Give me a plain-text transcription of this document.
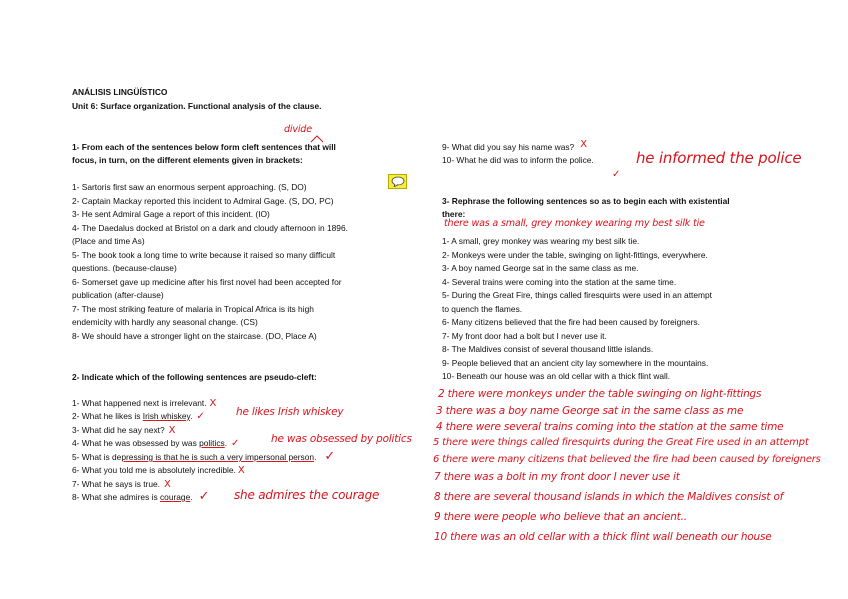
ANÁLISIS LINGÜÍSTICO
Unit 6: Surface organization. Functional analysis of the clause.
divide
1- From each of the sentences below form cleft sentences that will
focus, in turn, on the different elements given in brackets:
1- Sartoris first saw an enormous serpent approaching. (S, DO)
2- Captain Mackay reported this incident to Admiral Gage. (S, DO, PC)
3- He sent Admiral Gage a report of this incident. (IO)
4- The Daedalus docked at Bristol on a dark and cloudy afternoon in 1896.
(Place and time As)
5- The book took a long time to write because it raised so many difficult
questions. (because-clause)
6- Somerset gave up medicine after his first novel had been accepted for
publication (after-clause)
7- The most striking feature of malaria in Tropical Africa is its high
endemicity with hardly any seasonal change. (CS)
8- We should have a stronger light on the staircase. (DO, Place A)
2- Indicate which of the following sentences are pseudo-cleft:
1- What happened next is irrelevant. X
2- What he likes is Irish whiskey. ✓	he likes Irish whiskey
3- What did he say next? X
4- What he was obsessed by was politics. ✓	he was obsessed by politics
5- What is depressing is that he is such a very impersonal person. ✓
6- What you told me is absolutely incredible. X
7- What he says is true. X
8- What she admires is courage. ✓ she admires the courage
9- What did you say his name was? X
10- What he did was to inform the police.
✓
he informed the police
3- Rephrase the following sentences so as to begin each with existential
there:
there was a small, grey monkey wearing my best silk tie
1- A small, grey monkey was wearing my best silk tie.
2- Monkeys were under the table, swinging on light-fittings, everywhere.
3- A boy named George sat in the same class as me.
4- Several trains were coming into the station at the same time.
5- During the Great Fire, things called firesquirts were used in an attempt
to quench the flames.
6- Many citizens believed that the fire had been caused by foreigners.
7- My front door had a bolt but I never use it.
8- The Maldives consist of several thousand little islands.
9- People believed that an ancient city lay somewhere in the mountains.
10- Beneath our house was an old cellar with a thick flint wall.
2 there were monkeys under the table swinging on light-fittings
3 there was a boy name George sat in the same class as me
4 there were several trains coming into the station at the same time
5 there were things called firesquirts during the Great Fire used in an attempt
6 there were many citizens that believed the fire had been caused by foreigners
7 there was a bolt in my front door I never use it
8 there are several thousand islands in which the Maldives consist of
9 there were people who believe that an ancient..
10 there was an old cellar with a thick flint wall beneath our house
